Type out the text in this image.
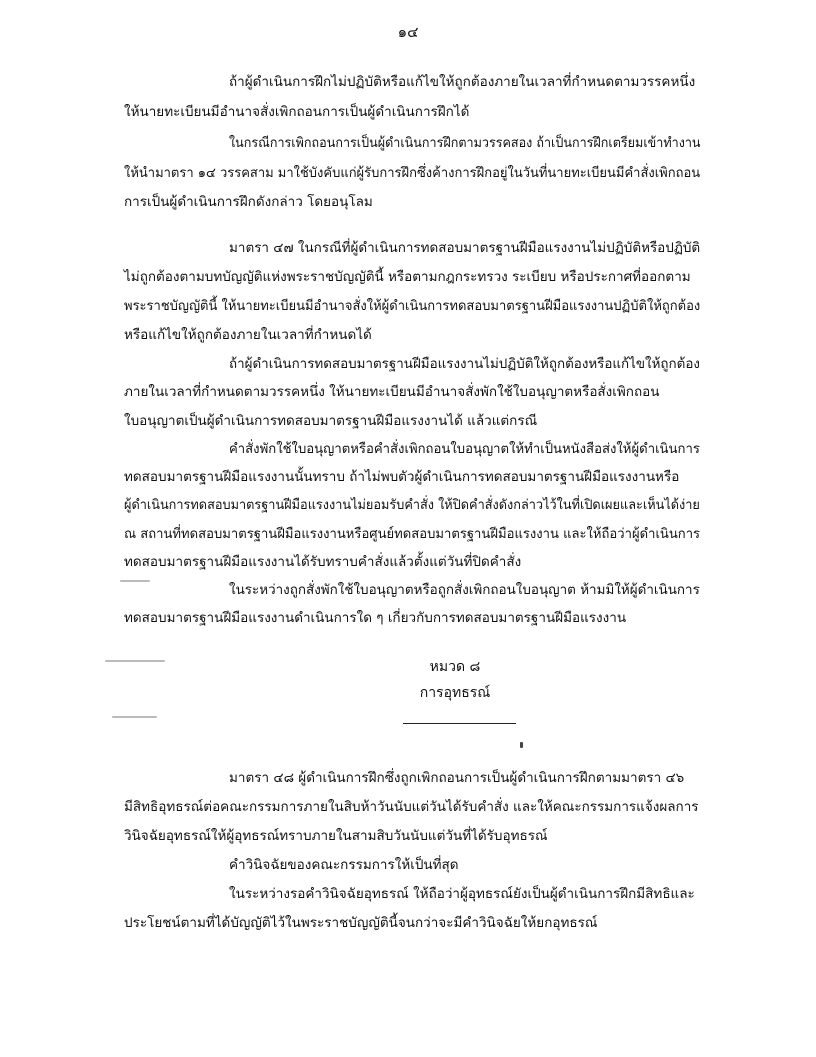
๑๔
ถ้าผู้ดำเนินการฝึกไม่ปฏิบัติหรือแก้ไขให้ถูกต้องภายในเวลาที่กำหนดตามวรรคหนึ่ง
ให้นายทะเบียนมีอำนาจสั่งเพิกถอนการเป็นผู้ดำเนินการฝึกได้
ในกรณีการเพิกถอนการเป็นผู้ดำเนินการฝึกตามวรรคสอง ถ้าเป็นการฝึกเตรียมเข้าทำงาน
ให้นำมาตรา ๑๔ วรรคสาม มาใช้บังคับแก่ผู้รับการฝึกซึ่งค้างการฝึกอยู่ในวันที่นายทะเบียนมีคำสั่งเพิกถอน
การเป็นผู้ดำเนินการฝึกดังกล่าว โดยอนุโลม
มาตรา ๔๗ ในกรณีที่ผู้ดำเนินการทดสอบมาตรฐานฝีมือแรงงานไม่ปฏิบัติหรือปฏิบัติ
ไม่ถูกต้องตามบทบัญญัติแห่งพระราชบัญญัตินี้ หรือตามกฎกระทรวง ระเบียบ หรือประกาศที่ออกตาม
พระราชบัญญัตินี้ ให้นายทะเบียนมีอำนาจสั่งให้ผู้ดำเนินการทดสอบมาตรฐานฝีมือแรงงานปฏิบัติให้ถูกต้อง
หรือแก้ไขให้ถูกต้องภายในเวลาที่กำหนดได้
ถ้าผู้ดำเนินการทดสอบมาตรฐานฝีมือแรงงานไม่ปฏิบัติให้ถูกต้องหรือแก้ไขให้ถูกต้อง
ภายในเวลาที่กำหนดตามวรรคหนึ่ง ให้นายทะเบียนมีอำนาจสั่งพักใช้ใบอนุญาตหรือสั่งเพิกถอน
ใบอนุญาตเป็นผู้ดำเนินการทดสอบมาตรฐานฝีมือแรงงานได้ แล้วแต่กรณี
คำสั่งพักใช้ใบอนุญาตหรือคำสั่งเพิกถอนใบอนุญาตให้ทำเป็นหนังสือส่งให้ผู้ดำเนินการ
ทดสอบมาตรฐานฝีมือแรงงานนั้นทราบ ถ้าไม่พบตัวผู้ดำเนินการทดสอบมาตรฐานฝีมือแรงงานหรือ
ผู้ดำเนินการทดสอบมาตรฐานฝีมือแรงงานไม่ยอมรับคำสั่ง ให้ปิดคำสั่งดังกล่าวไว้ในที่เปิดเผยและเห็นได้ง่าย
ณ สถานที่ทดสอบมาตรฐานฝีมือแรงงานหรือศูนย์ทดสอบมาตรฐานฝีมือแรงงาน และให้ถือว่าผู้ดำเนินการ
ทดสอบมาตรฐานฝีมือแรงงานได้รับทราบคำสั่งแล้วตั้งแต่วันที่ปิดคำสั่ง
ในระหว่างถูกสั่งพักใช้ใบอนุญาตหรือถูกสั่งเพิกถอนใบอนุญาต ห้ามมิให้ผู้ดำเนินการ
ทดสอบมาตรฐานฝีมือแรงงานดำเนินการใด ๆ เกี่ยวกับการทดสอบมาตรฐานฝีมือแรงงาน
หมวด ๘
การอุทธรณ์
มาตรา ๔๘ ผู้ดำเนินการฝึกซึ่งถูกเพิกถอนการเป็นผู้ดำเนินการฝึกตามมาตรา ๔๖
มีสิทธิอุทธรณ์ต่อคณะกรรมการภายในสิบห้าวันนับแต่วันได้รับคำสั่ง และให้คณะกรรมการแจ้งผลการ
วินิจฉัยอุทธรณ์ให้ผู้อุทธรณ์ทราบภายในสามสิบวันนับแต่วันที่ได้รับอุทธรณ์
คำวินิจฉัยของคณะกรรมการให้เป็นที่สุด
ในระหว่างรอคำวินิจฉัยอุทธรณ์ ให้ถือว่าผู้อุทธรณ์ยังเป็นผู้ดำเนินการฝึกมีสิทธิและ
ประโยชน์ตามที่ได้บัญญัติไว้ในพระราชบัญญัตินี้จนกว่าจะมีคำวินิจฉัยให้ยกอุทธรณ์
